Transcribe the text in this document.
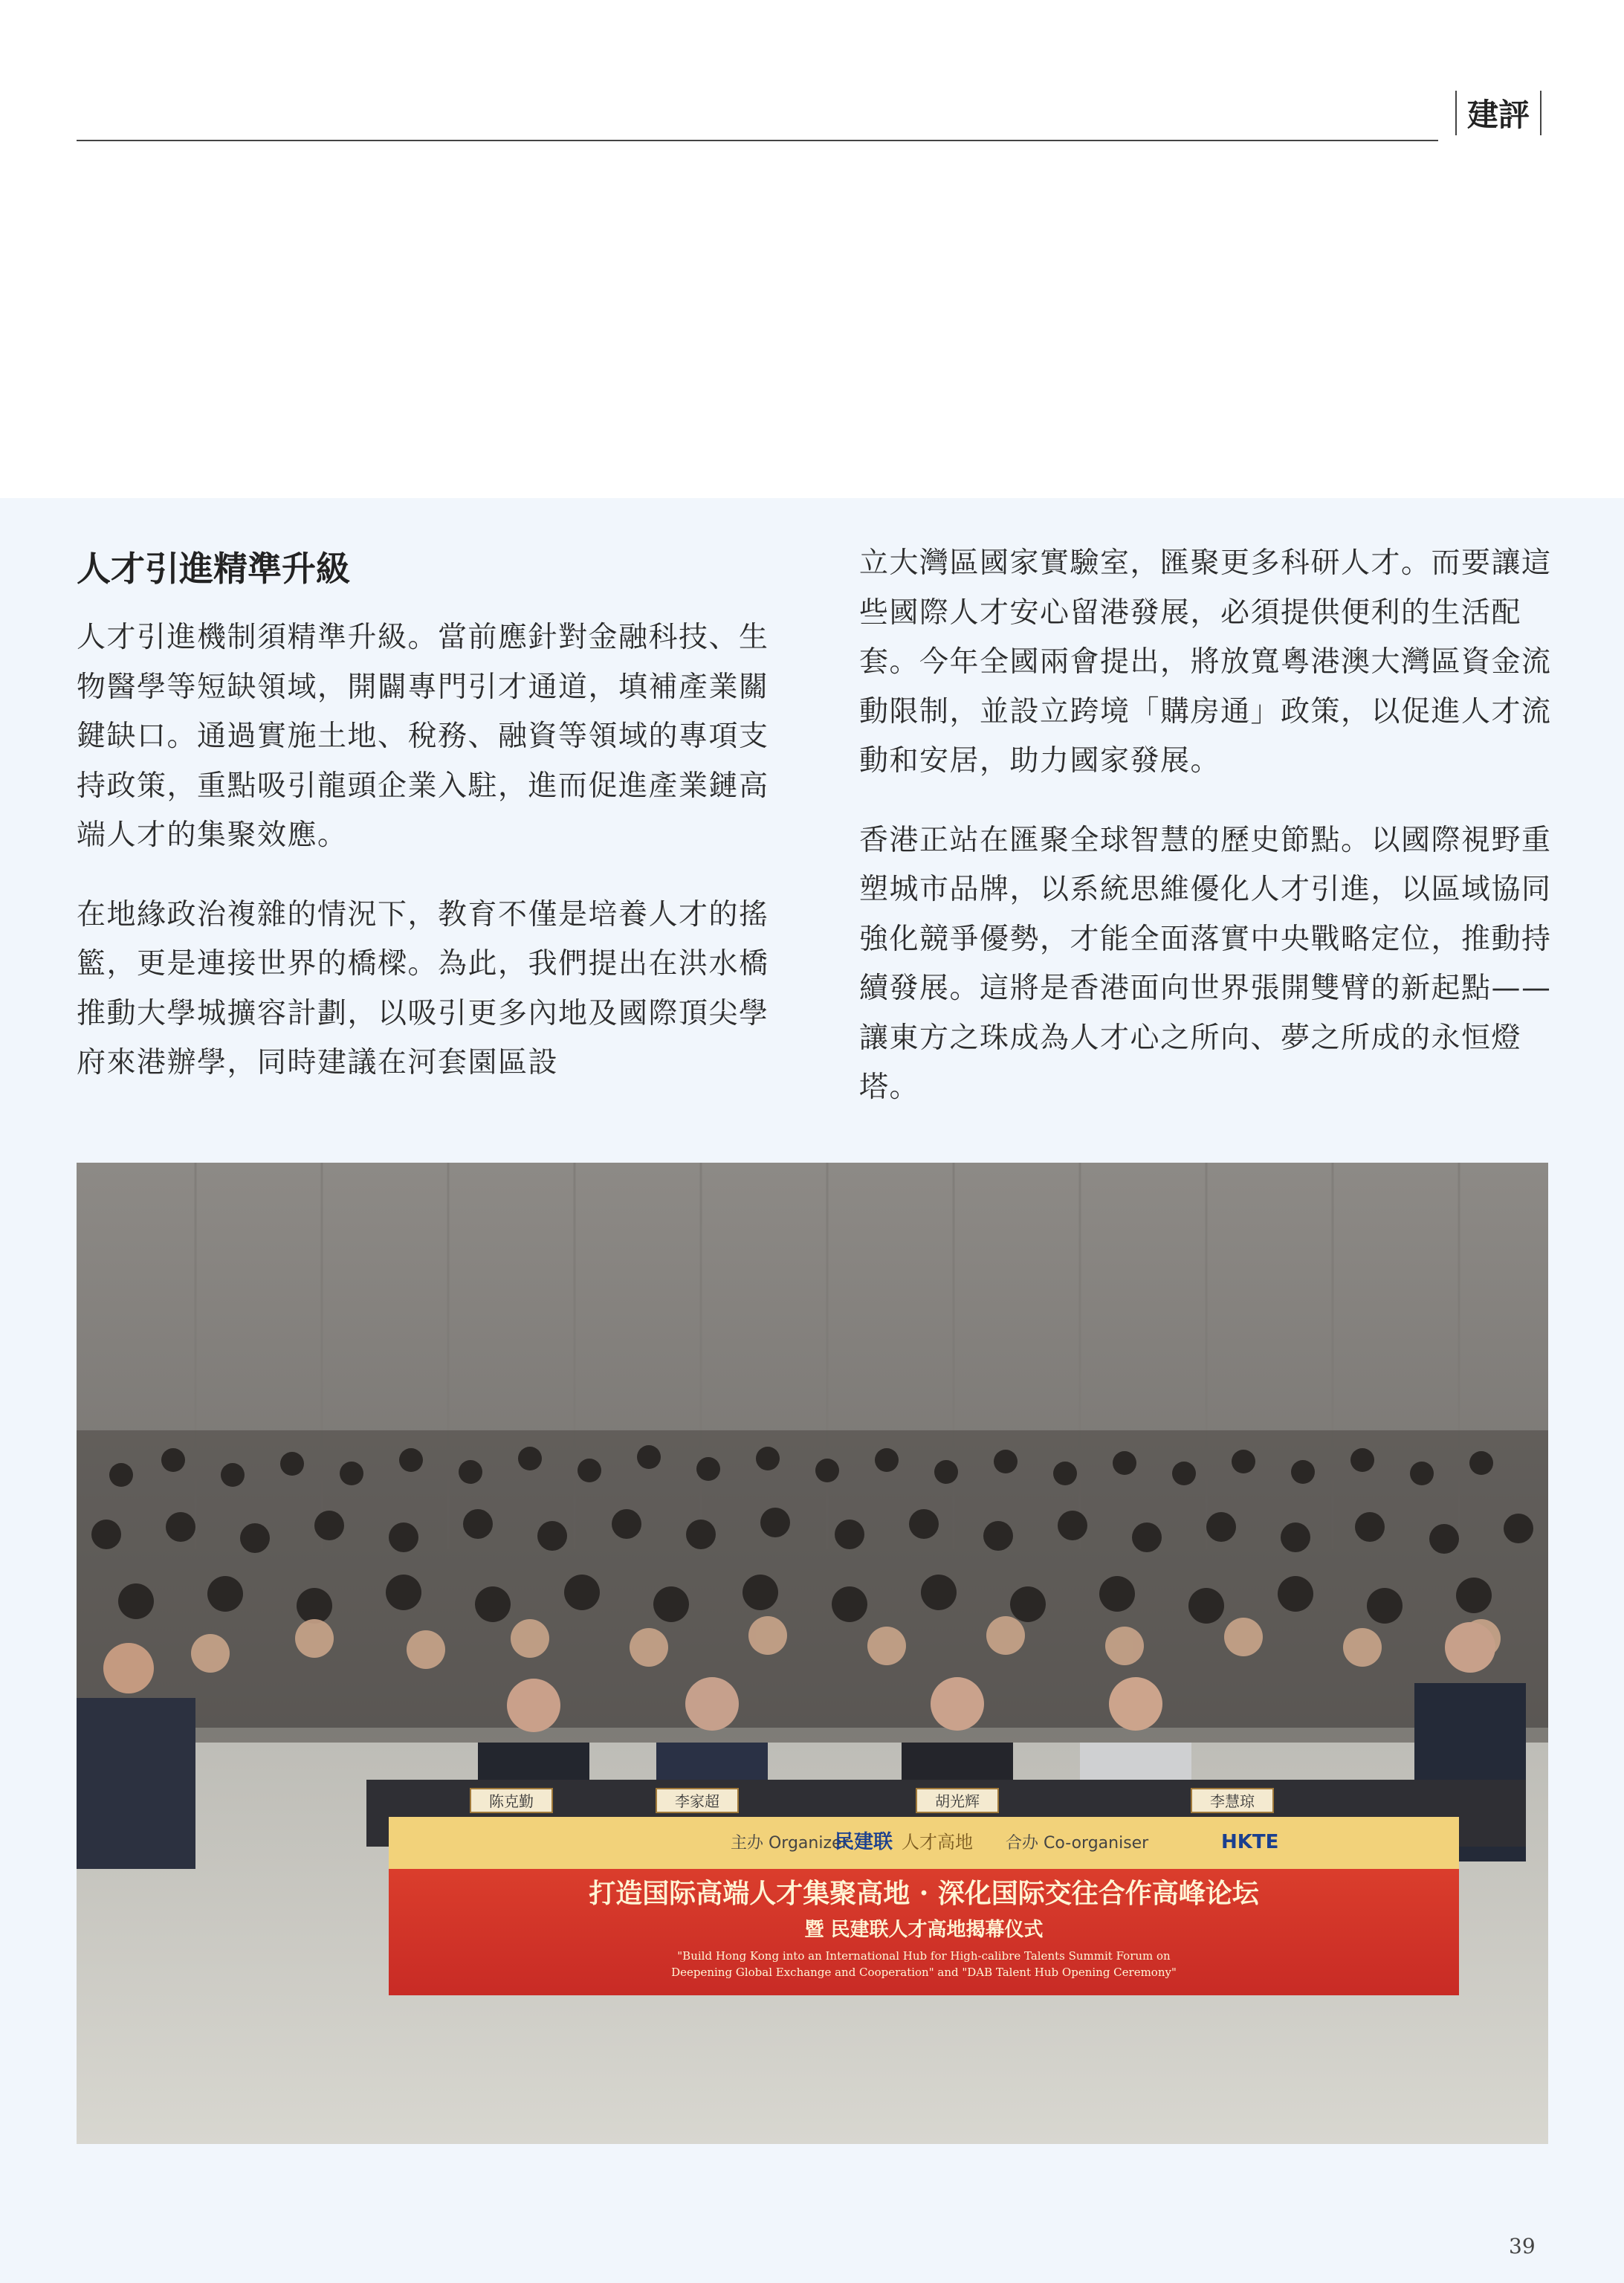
建評
人才引進精準升級

人才引進機制須精準升級。當前應針對金融科技、生物醫學等短缺領域，開闢專門引才通道，填補產業關鍵缺口。通過實施土地、稅務、融資等領域的專項支持政策，重點吸引龍頭企業入駐，進而促進產業鏈高端人才的集聚效應。

在地緣政治複雜的情況下，教育不僅是培養人才的搖籃，更是連接世界的橋樑。為此，我們提出在洪水橋推動大學城擴容計劃，以吸引更多內地及國際頂尖學府來港辦學，同時建議在河套園區設

立大灣區國家實驗室，匯聚更多科研人才。而要讓這些國際人才安心留港發展，必須提供便利的生活配套。今年全國兩會提出，將放寬粵港澳大灣區資金流動限制，並設立跨境「購房通」政策，以促進人才流動和安居，助力國家發展。

香港正站在匯聚全球智慧的歷史節點。以國際視野重塑城市品牌，以系統思維優化人才引進，以區域協同強化競爭優勢，才能全面落實中央戰略定位，推動持續發展。這將是香港面向世界張開雙臂的新起點——讓東方之珠成為人才心之所向、夢之所成的永恒燈塔。

陈克勤	李家超	胡光辉	李慧琼
主办 Organizer
民建联 人才高地 合办 Co-organiser	HKTE
打造国际高端人才集聚高地 · 深化国际交往合作高峰论坛
暨 民建联人才高地揭幕仪式
"Build Hong Kong into an International Hub for High-calibre Talents Summit Forum on
Deepening Global Exchange and Cooperation" and "DAB Talent Hub Opening Ceremony"
39
